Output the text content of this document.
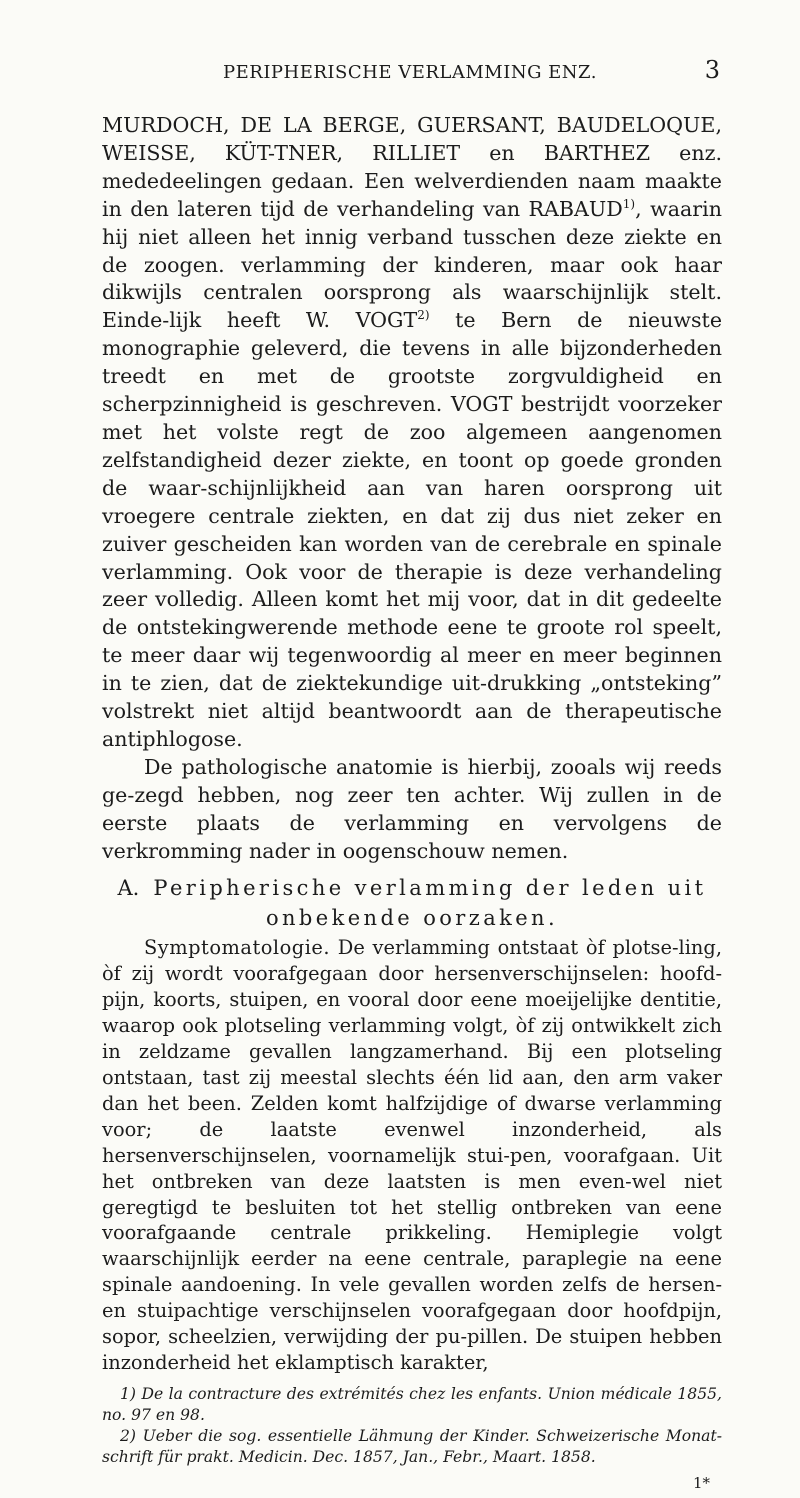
PERIPHERISCHE VERLAMMING ENZ.	3

MURDOCH, DE LA BERGE, GUERSANT, BAUDELOQUE, WEISSE, KÜT-TNER, RILLIET en BARTHEZ enz. mededeelingen gedaan. Een welverdienden naam maakte in den lateren tijd de verhandeling van RABAUD$^{1)}$, waarin hij niet alleen het innig verband tusschen deze ziekte en de zoogen. verlamming der kinderen, maar ook haar dikwijls centralen oorsprong als waarschijnlijk stelt. Einde-lijk heeft W. VOGT$^{2)}$ te Bern de nieuwste monographie geleverd, die tevens in alle bijzonderheden treedt en met de grootste zorgvuldigheid en scherpzinnigheid is geschreven. VOGT bestrijdt voorzeker met het volste regt de zoo algemeen aangenomen zelfstandigheid dezer ziekte, en toont op goede gronden de waar-schijnlijkheid aan van haren oorsprong uit vroegere centrale ziekten, en dat zij dus niet zeker en zuiver gescheiden kan worden van de cerebrale en spinale verlamming. Ook voor de therapie is deze verhandeling zeer volledig. Alleen komt het mij voor, dat in dit gedeelte de ontstekingwerende methode eene te groote rol speelt, te meer daar wij tegenwoordig al meer en meer beginnen in te zien, dat de ziektekundige uit-drukking „ontsteking” volstrekt niet altijd beantwoordt aan de therapeutische antiphlogose.

De pathologische anatomie is hierbij, zooals wij reeds ge-zegd hebben, nog zeer ten achter. Wij zullen in de eerste plaats de verlamming en vervolgens de verkromming nader in oogenschouw nemen.

A. Peripherische verlamming der leden uit
onbekende oorzaken.

Symptomatologie. De verlamming ontstaat òf plotse-ling, òf zij wordt voorafgegaan door hersenverschijnselen: hoofd-pijn, koorts, stuipen, en vooral door eene moeijelijke dentitie, waarop ook plotseling verlamming volgt, òf zij ontwikkelt zich in zeldzame gevallen langzamerhand. Bij een plotseling ontstaan, tast zij meestal slechts één lid aan, den arm vaker dan het been. Zelden komt halfzijdige of dwarse verlamming voor; de laatste evenwel inzonderheid, als hersenverschijnselen, voornamelijk stui-pen, voorafgaan. Uit het ontbreken van deze laatsten is men even-wel niet geregtigd te besluiten tot het stellig ontbreken van eene voorafgaande centrale prikkeling. Hemiplegie volgt waarschijnlijk eerder na eene centrale, paraplegie na eene spinale aandoening. In vele gevallen worden zelfs de hersen- en stuipachtige verschijnselen voorafgegaan door hoofdpijn, sopor, scheelzien, verwijding der pu-pillen. De stuipen hebben inzonderheid het eklamptisch karakter,

1) De la contracture des extrémités chez les enfants. Union médicale 1855, no. 97 en 98.

2) Ueber die sog. essentielle Lähmung der Kinder. Schweizerische Monat-schrift für prakt. Medicin. Dec. 1857, Jan., Febr., Maart. 1858.

1*
